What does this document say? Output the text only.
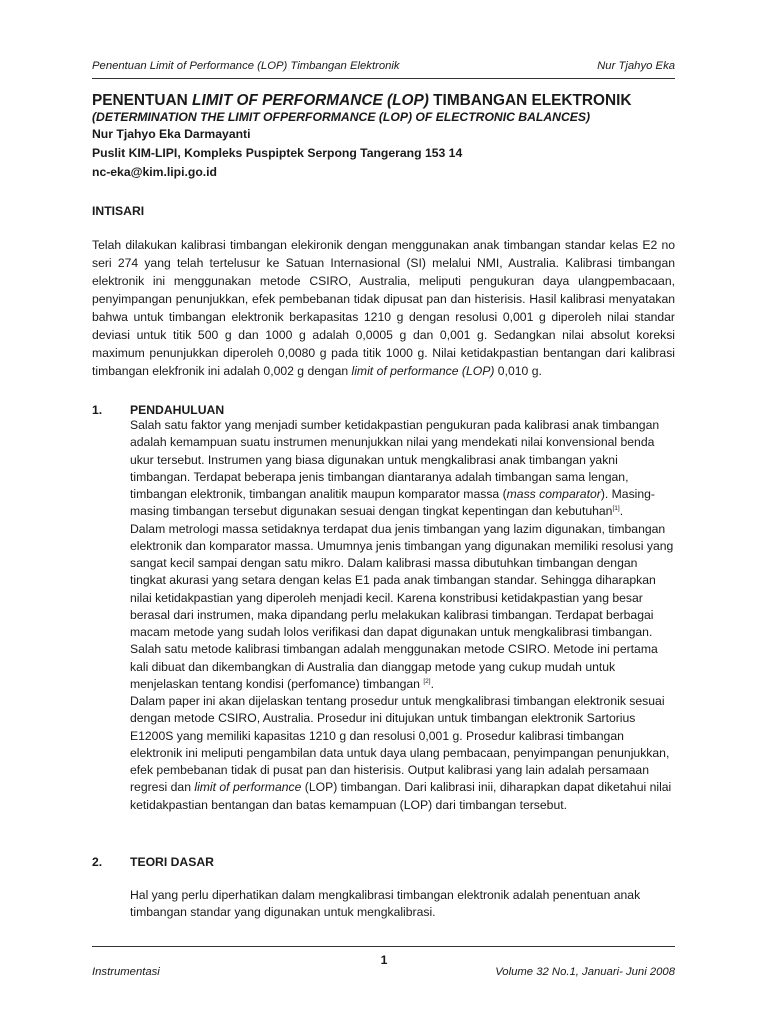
Penentuan Limit of Performance (LOP) Timbangan Elektronik	Nur Tjahyo Eka
PENENTUAN LIMIT OF PERFORMANCE (LOP) TIMBANGAN ELEKTRONIK
(DETERMINATION THE LIMIT OFPERFORMANCE (LOP) OF ELECTRONIC BALANCES)
Nur Tjahyo Eka Darmayanti
Puslit KIM-LIPI, Kompleks Puspiptek Serpong Tangerang 153 14
nc-eka@kim.lipi.go.id
INTISARI

Telah dilakukan kalibrasi timbangan elekironik dengan menggunakan anak timbangan standar kelas E2 no seri 274 yang telah tertelusur ke Satuan Internasional (SI) melalui NMI, Australia. Kalibrasi timbangan elektronik ini menggunakan metode CSIRO, Australia, meliputi pengukuran daya ulangpembacaan, penyimpangan penunjukkan, efek pembebanan tidak dipusat pan dan histerisis. Hasil kalibrasi menyatakan bahwa untuk timbangan elektronik berkapasitas 1210 g dengan resolusi 0,001 g diperoleh nilai standar deviasi untuk titik 500 g dan 1000 g adalah 0,0005 g dan 0,001 g. Sedangkan nilai absolut koreksi maximum penunjukkan diperoleh 0,0080 g pada titik 1000 g. Nilai ketidakpastian bentangan dari kalibrasi timbangan elekfronik ini adalah 0,002 g dengan limit of performance (LOP) 0,010 g.

1. PENDAHULUAN

Salah satu faktor yang menjadi sumber ketidakpastian pengukuran pada kalibrasi anak timbangan adalah kemampuan suatu instrumen menunjukkan nilai yang mendekati nilai konvensional benda ukur tersebut. Instrumen yang biasa digunakan untuk mengkalibrasi anak timbangan yakni timbangan. Terdapat beberapa jenis timbangan diantaranya adalah timbangan sama lengan, timbangan elektronik, timbangan analitik maupun komparator massa (mass comparator). Masing-masing timbangan tersebut digunakan sesuai dengan tingkat kepentingan dan kebutuhan[1].

Dalam metrologi massa setidaknya terdapat dua jenis timbangan yang lazim digunakan, timbangan elektronik dan komparator massa. Umumnya jenis timbangan yang digunakan memiliki resolusi yang sangat kecil sampai dengan satu mikro. Dalam kalibrasi massa dibutuhkan timbangan dengan tingkat akurasi yang setara dengan kelas E1 pada anak timbangan standar. Sehingga diharapkan nilai ketidakpastian yang diperoleh menjadi kecil. Karena konstribusi ketidakpastian yang besar berasal dari instrumen, maka dipandang perlu melakukan kalibrasi timbangan. Terdapat berbagai macam metode yang sudah lolos verifikasi dan dapat digunakan untuk mengkalibrasi timbangan. Salah satu metode kalibrasi timbangan adalah menggunakan metode CSIRO. Metode ini pertama kali dibuat dan dikembangkan di Australia dan dianggap metode yang cukup mudah untuk menjelaskan tentang kondisi (perfomance) timbangan [2].

Dalam paper ini akan dijelaskan tentang prosedur untuk mengkalibrasi timbangan elektronik sesuai dengan metode CSIRO, Australia. Prosedur ini ditujukan untuk timbangan elektronik Sartorius E1200S yang memiliki kapasitas 1210 g dan resolusi 0,001 g. Prosedur kalibrasi timbangan elektronik ini meliputi pengambilan data untuk daya ulang pembacaan, penyimpangan penunjukkan, efek pembebanan tidak di pusat pan dan histerisis. Output kalibrasi yang lain adalah persamaan regresi dan limit of performance (LOP) timbangan. Dari kalibrasi inii, diharapkan dapat diketahui nilai ketidakpastian bentangan dan batas kemampuan (LOP) dari timbangan tersebut.

2. TEORI DASAR

Hal yang perlu diperhatikan dalam mengkalibrasi timbangan elektronik adalah penentuan anak timbangan standar yang digunakan untuk mengkalibrasi.

1
Instrumentasi	Volume 32 No.1, Januari- Juni 2008
